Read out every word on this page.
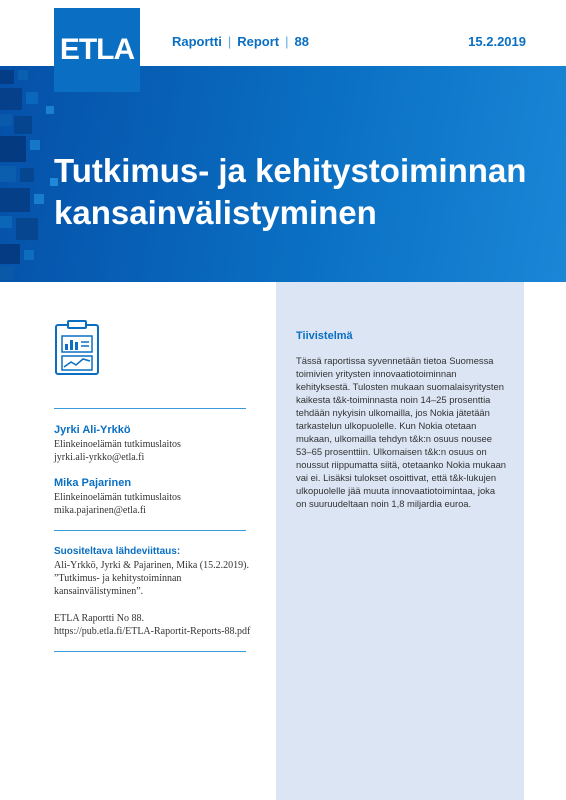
ETLA	Raportti | Report | 88	15.2.2019
Tutkimus- ja kehitystoiminnan
kansainvälistyminen
Jyrki Ali-Yrkkö
Elinkeinoelämän tutkimuslaitos
jyrki.ali-yrkko@etla.fi
Mika Pajarinen
Elinkeinoelämän tutkimuslaitos
mika.pajarinen@etla.fi
Suositeltava lähdeviittaus:
Ali-Yrkkö, Jyrki & Pajarinen, Mika (15.2.2019). ”Tutkimus- ja kehitystoiminnan kansainvälistyminen”.
ETLA Raportti No 88.
https://pub.etla.fi/ETLA-Raportit-Reports-88.pdf
Tiivistelmä
Tässä raportissa syvennetään tietoa Suomessa toimivien yritysten innovaatiotoiminnan kehityksestä. Tulosten mukaan suomalaisyritysten kaikesta t&k-toiminnasta noin 14–25 prosenttia tehdään nykyisin ulkomailla, jos Nokia jätetään tarkastelun ulkopuolelle. Kun Nokia otetaan mukaan, ulkomailla tehdyn t&k:n osuus nousee 53–65 prosenttiin. Ulkomaisen t&k:n osuus on noussut riippumatta siitä, otetaanko Nokia mukaan vai ei. Lisäksi tulokset osoittivat, että t&k-lukujen ulkopuolelle jää muuta innovaatiotoimintaa, joka on suuruudeltaan noin 1,8 miljardia euroa.
